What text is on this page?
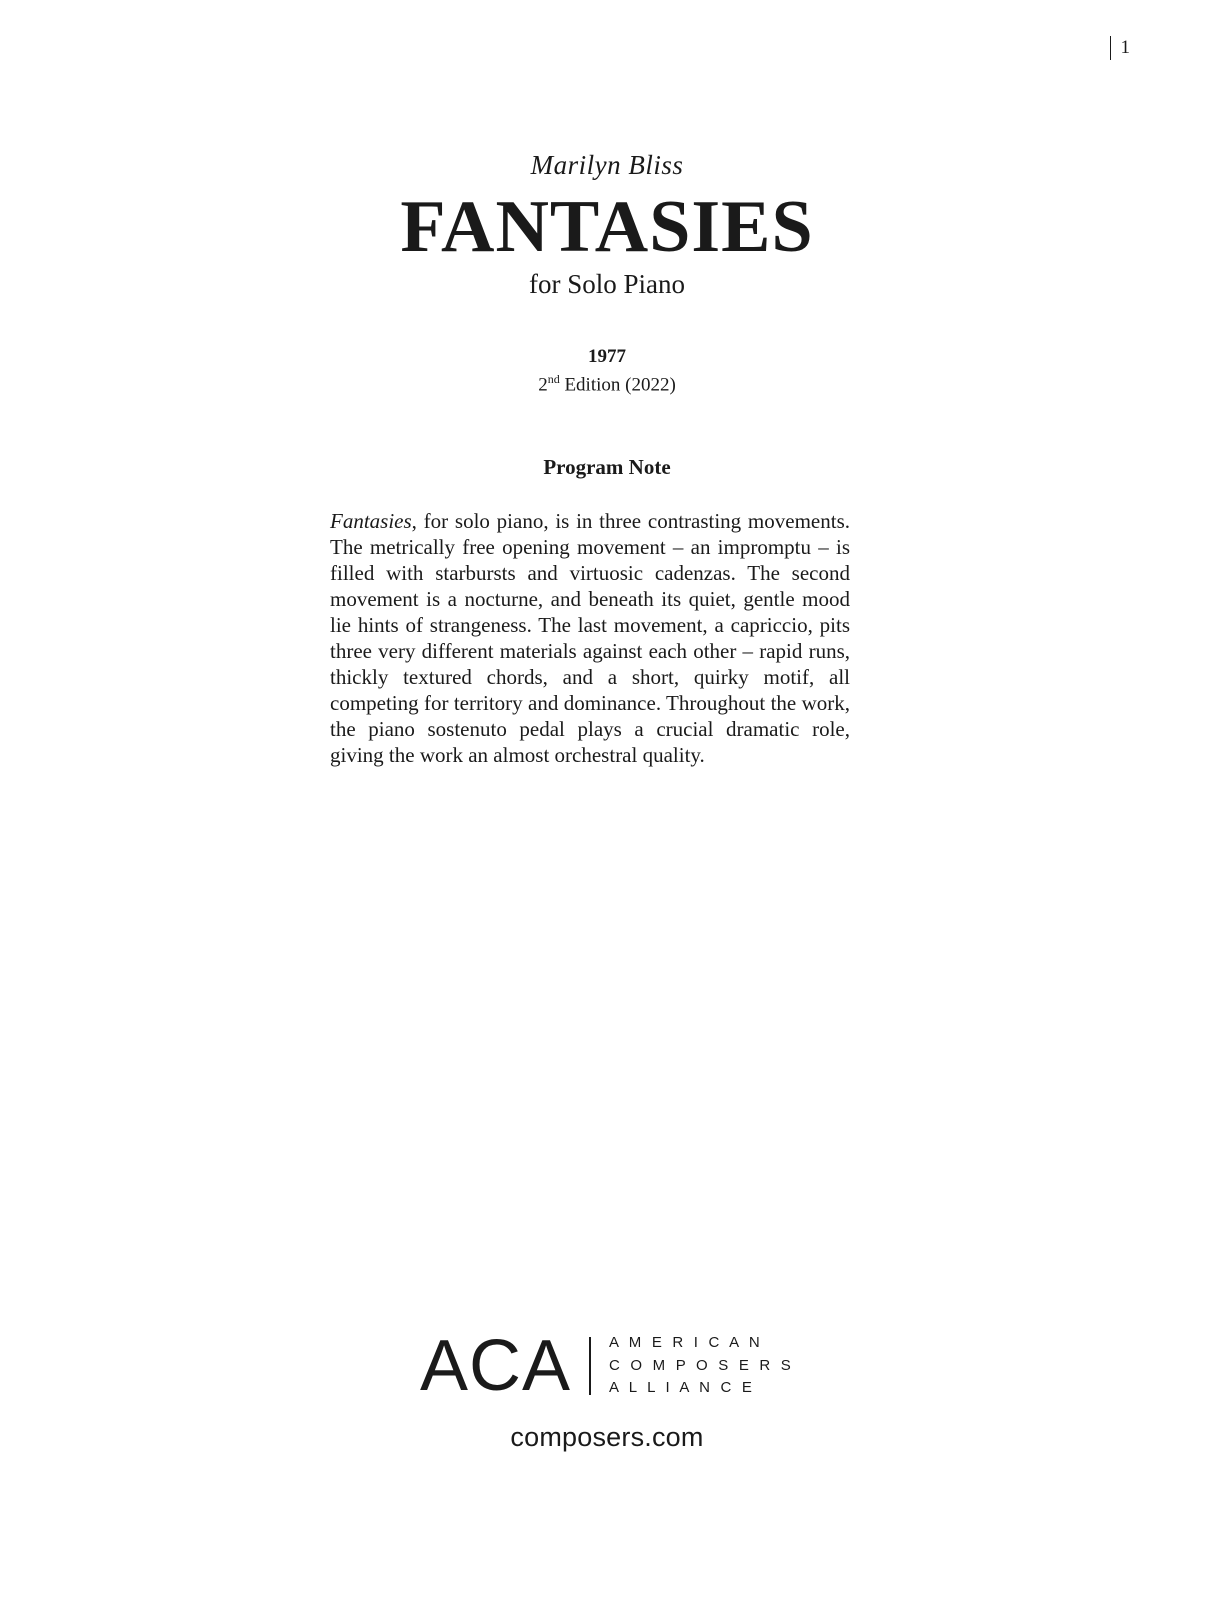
1
Marilyn Bliss
FANTASIES
for Solo Piano
1977
2nd Edition (2022)
Program Note
Fantasies, for solo piano, is in three contrasting movements. The metrically free opening movement – an impromptu – is filled with starbursts and virtuosic cadenzas. The second movement is a nocturne, and beneath its quiet, gentle mood lie hints of strangeness. The last movement, a capriccio, pits three very different materials against each other – rapid runs, thickly textured chords, and a short, quirky motif, all competing for territory and dominance. Throughout the work, the piano sostenuto pedal plays a crucial dramatic role, giving the work an almost orchestral quality.
ACA	A M E R I C A N
C O M P O S E R S
A L L I A N C E
composers.com
